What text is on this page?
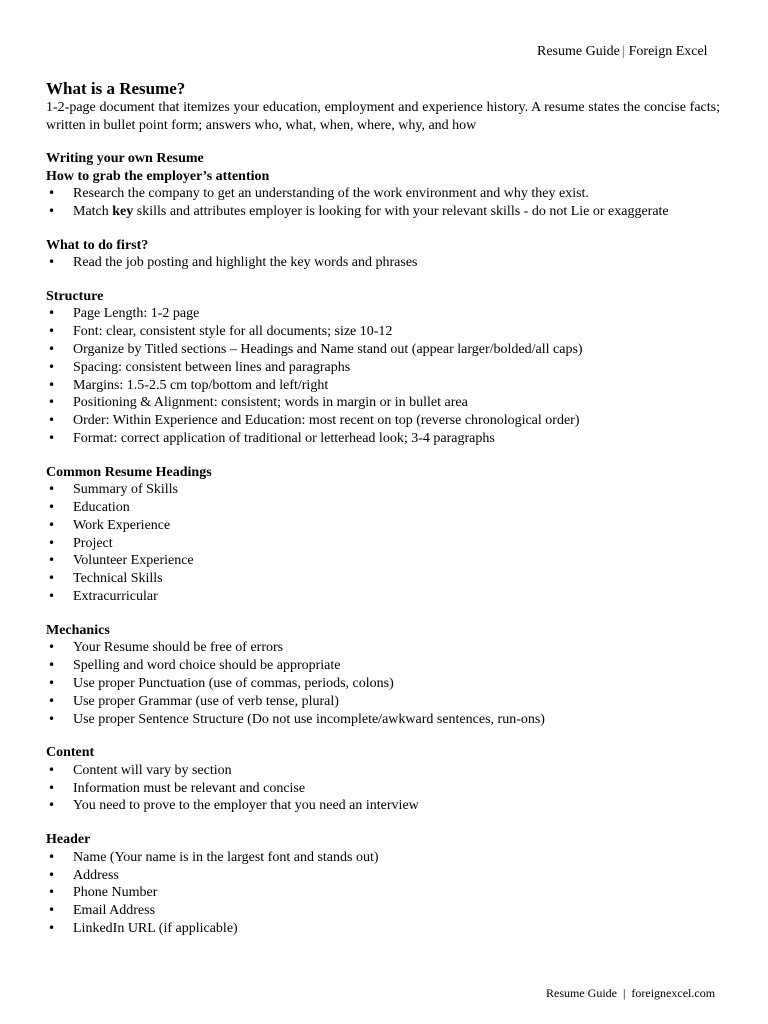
Resume Guide | Foreign Excel

What is a Resume?

1-2-page document that itemizes your education, employment and experience history. A resume states the concise facts; written in bullet point form; answers who, what, when, where, why, and how

Writing your own Resume

How to grab the employer’s attention

• Research the company to get an understanding of the work environment and why they exist.
• Match key skills and attributes employer is looking for with your relevant skills - do not Lie or exaggerate

What to do first?

• Read the job posting and highlight the key words and phrases

Structure

• Page Length: 1-2 page
• Font: clear, consistent style for all documents; size 10-12
• Organize by Titled sections – Headings and Name stand out (appear larger/bolded/all caps)
• Spacing: consistent between lines and paragraphs
• Margins: 1.5-2.5 cm top/bottom and left/right
• Positioning & Alignment: consistent; words in margin or in bullet area
• Order: Within Experience and Education: most recent on top (reverse chronological order)
• Format: correct application of traditional or letterhead look; 3-4 paragraphs

Common Resume Headings

• Summary of Skills
• Education
• Work Experience
• Project
• Volunteer Experience
• Technical Skills
• Extracurricular

Mechanics

• Your Resume should be free of errors
• Spelling and word choice should be appropriate
• Use proper Punctuation (use of commas, periods, colons)
• Use proper Grammar (use of verb tense, plural)
• Use proper Sentence Structure (Do not use incomplete/awkward sentences, run-ons)

Content

• Content will vary by section
• Information must be relevant and concise
• You need to prove to the employer that you need an interview

Header

• Name (Your name is in the largest font and stands out)
• Address
• Phone Number
• Email Address
• LinkedIn URL (if applicable)
Resume Guide | foreignexcel.com
